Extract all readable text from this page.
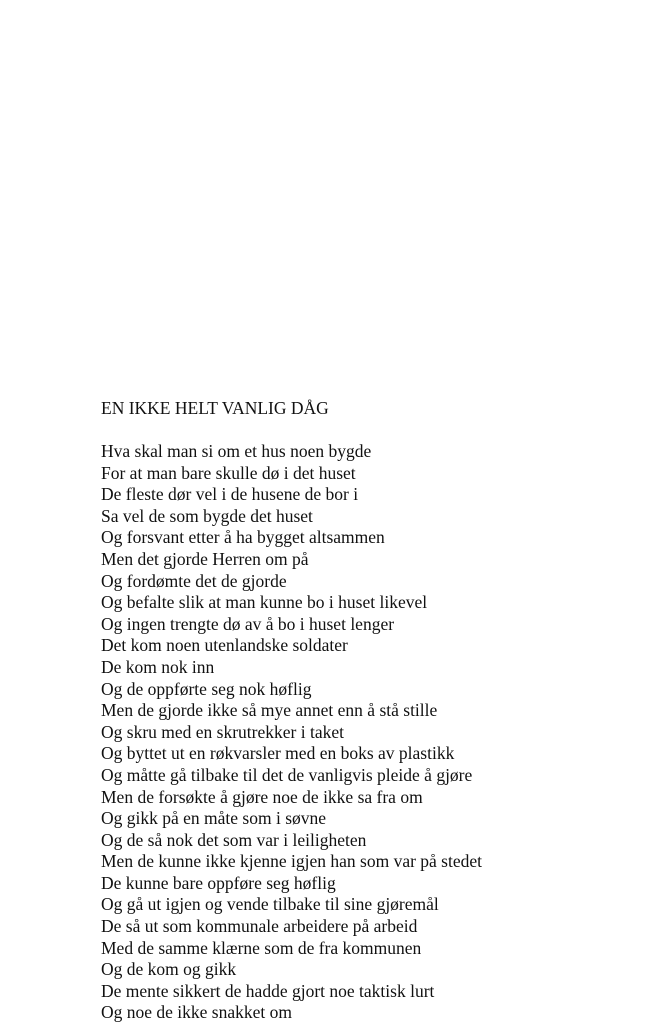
EN IKKE HELT VANLIG DÅG
Hva skal man si om et hus noen bygde
For at man bare skulle dø i det huset
De fleste dør vel i de husene de bor i
Sa vel de som bygde det huset
Og forsvant etter å ha bygget altsammen
Men det gjorde Herren om på
Og fordømte det de gjorde
Og befalte slik at man kunne bo i huset likevel
Og ingen trengte dø av å bo i huset lenger
Det kom noen utenlandske soldater
De kom nok inn
Og de oppførte seg nok høflig
Men de gjorde ikke så mye annet enn å stå stille
Og skru med en skrutrekker i taket
Og byttet ut en røkvarsler med en boks av plastikk
Og måtte gå tilbake til det de vanligvis pleide å gjøre
Men de forsøkte å gjøre noe de ikke sa fra om
Og gikk på en måte som i søvne
Og de så nok det som var i leiligheten
Men de kunne ikke kjenne igjen han som var på stedet
De kunne bare oppføre seg høflig
Og gå ut igjen og vende tilbake til sine gjøremål
De så ut som kommunale arbeidere på arbeid
Med de samme klærne som de fra kommunen
Og de kom og gikk
De mente sikkert de hadde gjort noe taktisk lurt
Og noe de ikke snakket om
